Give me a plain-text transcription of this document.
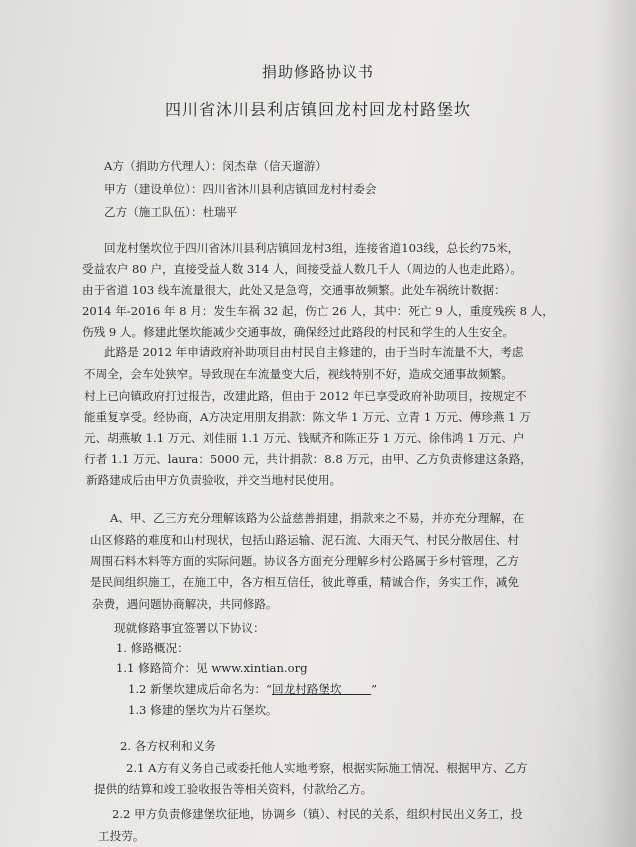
捐助修路协议书
四川省沐川县利店镇回龙村回龙村路堡坎
A方（捐助方代理人）：闵杰韋（信天遛游）
甲方（建设单位）：四川省沐川县利店镇回龙村村委会
乙方（施工队伍）：杜瑞平
回龙村堡坎位于四川省沐川县利店镇回龙村3组，连接省道103线，总长约75米，
受益农户 80 户，直接受益人数 314 人，间接受益人数几千人（周边的人也走此路）。
由于省道 103 线车流量很大，此处又是急弯，交通事故频繁。此处车祸统计数据：
2014 年-2016 年 8 月：发生车祸 32 起，伤亡 26 人，其中：死亡 9 人，重度残疾 8 人，
伤残 9 人。修建此堡坎能减少交通事故，确保经过此路段的村民和学生的人生安全。
此路是 2012 年申请政府补助项目由村民自主修建的，由于当时车流量不大，考虑
不周全，会车处狭窄。导致现在车流量变大后，视线特别不好，造成交通事故频繁。
村上已向镇政府打过报告，改建此路，但由于 2012 年已享受政府补助项目，按规定不
能重复享受。经协商，A方决定用朋友捐款：陈文华 1 万元、立青 1 万元、傅珍燕 1 万
元、胡燕敏 1.1 万元、刘佳丽 1.1 万元、钱赋齐和陈正芬 1 万元、徐伟鸿 1 万元、户
行者 1.1 万元、laura：5000 元，共计捐款：8.8 万元，由甲、乙方负责修建这条路，
新路建成后由甲方负责验收，并交当地村民使用。
A、甲、乙三方充分理解该路为公益慈善捐建，捐款来之不易，并亦充分理解，在
山区修路的难度和山村现状，包括山路运输、泥石流、大雨天气、村民分散居住、村
周围石料木料等方面的实际问题。协议各方面充分理解乡村公路属于乡村管理，乙方
是民间组织施工，在施工中，各方相互信任，彼此尊重，精诚合作，务实工作，减免
杂费，遇问题协商解决，共同修路。
现就修路事宜签署以下协议：
1. 修路概况：
1.1 修路简介：见 www.xintian.org
1.2 新堡坎建成后命名为：“回龙村路堡坎	”
1.3 修建的堡坎为片石堡坎。
2. 各方权利和义务
2.1 A方有义务自己或委托他人实地考察，根据实际施工情况、根据甲方、乙方
提供的结算和竣工验收报告等相关资料，付款给乙方。
2.2 甲方负责修建堡坎征地，协调乡（镇）、村民的关系，组织村民出义务工，投
工投劳。
